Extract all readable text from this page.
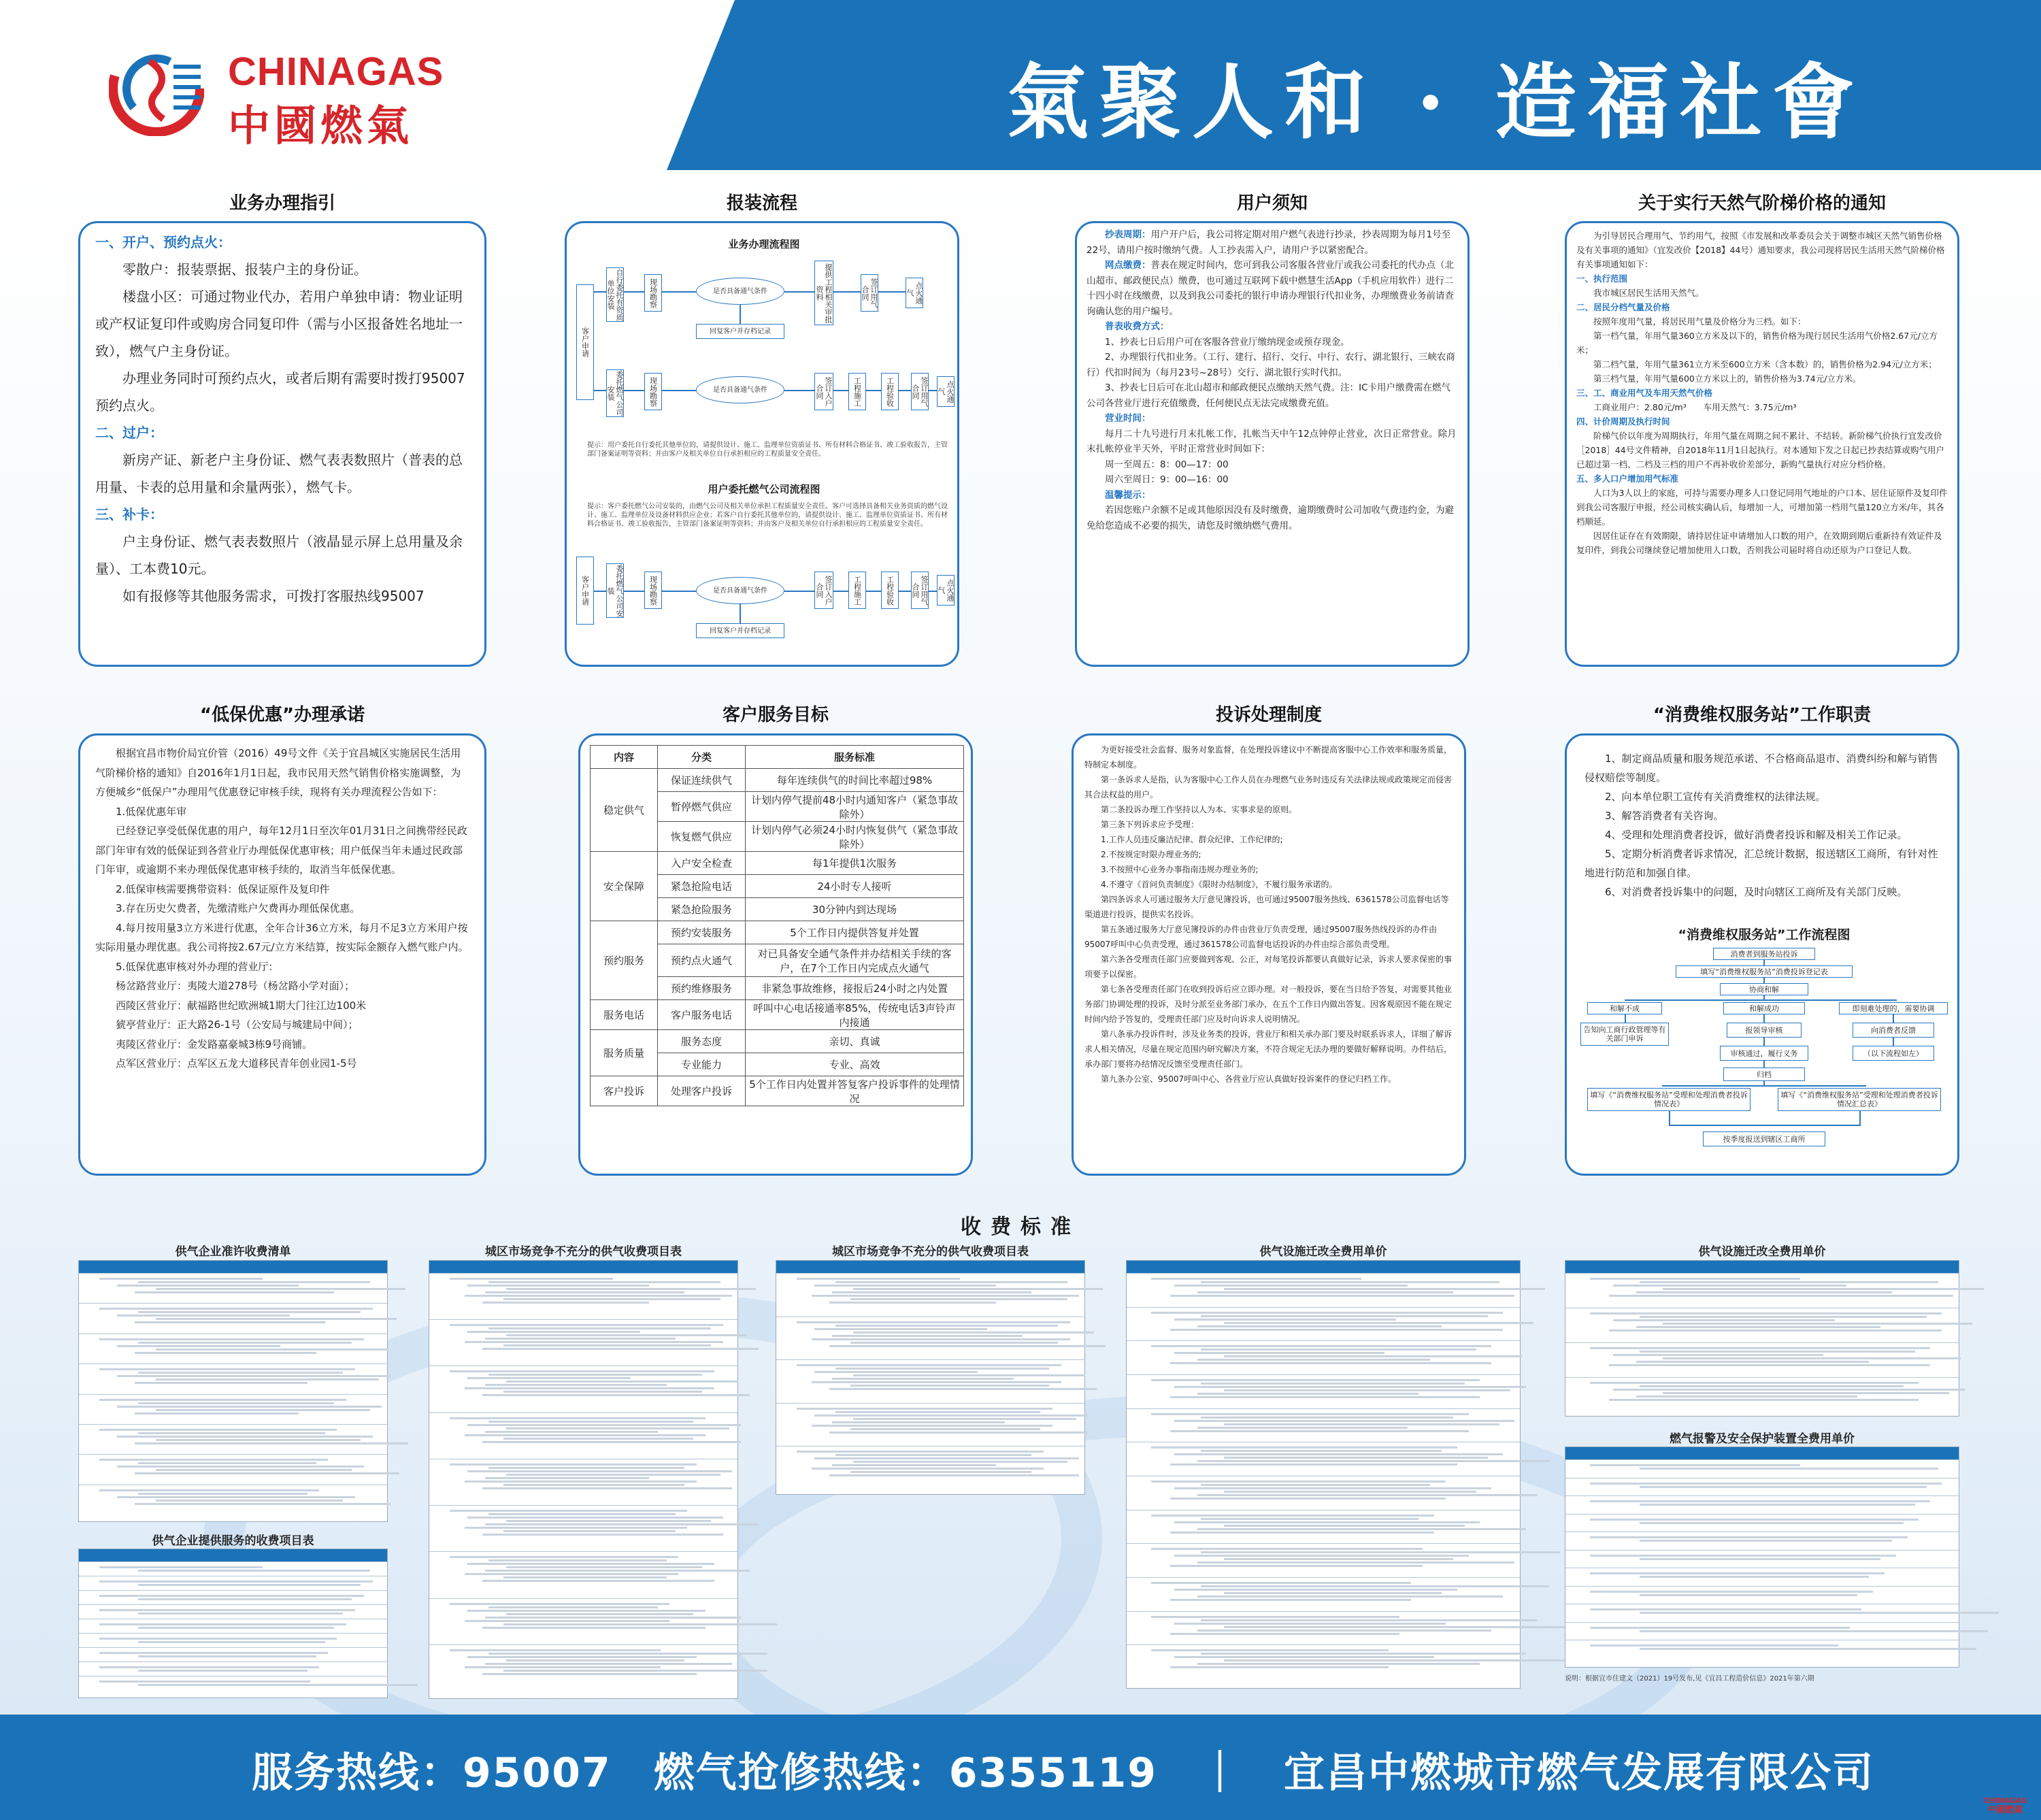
CHINAGAS
中國燃氣	氣聚人和 · 造福社會
业务办理指引

一、开户、预约点火：

零散户：报装票据、报装户主的身份证。

楼盘小区：可通过物业代办，若用户单独申请：物业证明或产权证复印件或购房合同复印件（需与小区报备姓名地址一致），燃气户主身份证。

办理业务同时可预约点火，或者后期有需要时拨打95007预约点火。

二、过户：

新房产证、新老户主身份证、燃气表表数照片（普表的总用量、卡表的总用量和余量两张），燃气卡。

三、补卡：

户主身份证、燃气表表数照片（液晶显示屏上总用量及余量）、工本费10元。

如有报修等其他服务需求，可拨打客服热线95007

报装流程
业务办理流程图
客户申请
自行委托有资质单位安装
委托燃气公司安装
现场勘察
现场勘察
是否具备通气条件
是否具备通气条件
回复客户并存档记录
提供工程相关审批资料
签订入户合同
签订用气合同
工程施工
点火通气
工程验收	签订用气合同	点火通气
提示：用户委托自行委托其他单位的，请提供设计、施工、监理单位资质证书、所有材料合格证书、竣工验收报告，主管部门备案证明等资料；并由客户及相关单位自行承担相应的工程质量安全责任。
用户委托燃气公司流程图
提示：客户委托燃气公司安装的，由燃气公司及相关单位承担工程质量安全责任。客户可选择具备相关业务资质的燃气设计、施工、监理单位及设备材料供应企业；若客户自行委托其他单位的，请提供设计、施工、监理单位资质证书、所有材料合格证书、竣工验收报告，主管部门备案证明等资料；并由客户及相关单位自行承担相应的工程质量安全责任。
客户申请	委托燃气公司安装	现场勘察	是否具备通气条件
回复客户并存档记录
签订入户合同	工程施工	工程验收	签订用气合同	点火通气
用户须知

抄表周期：用户开户后，我公司将定期对用户燃气表进行抄录，抄表周期为每月1号至22号，请用户按时缴纳气费。人工抄表需入户，请用户予以紧密配合。

网点缴费：普表在规定时间内，您可到我公司客服各营业厅或我公司委托的代办点（北山超市、邮政便民点）缴费，也可通过互联网下载中燃慧生活App（手机应用软件）进行二十四小时在线缴费，以及到我公司委托的银行申请办理银行代扣业务，办理缴费业务前请查询确认您的用户编号。

普表收费方式：

1、抄表七日后用户可在客服各营业厅缴纳现金或预存现金。

2、办理银行代扣业务。（工行、建行、招行、交行、中行、农行、湖北银行、三峡农商行）代扣时间为（每月23号~28号）交行、湖北银行实时代扣。

3、抄表七日后可在北山超市和邮政便民点缴纳天然气费。注：IC卡用户缴费需在燃气公司各营业厅进行充值缴费，任何便民点无法完成缴费充值。

营业时间：

每月二十九号进行月末扎帐工作，扎帐当天中午12点钟停止营业，次日正常营业。除月末扎帐停业半天外，平时正常营业时间如下：

周一至周五：8：00—17：00

周六至周日：9：00—16：00

温馨提示：

若因您账户余额不足或其他原因没有及时缴费，逾期缴费时公司加收气费违约金，为避免给您造成不必要的损失，请您及时缴纳燃气费用。

关于实行天然气阶梯价格的通知

为引导居民合理用气、节约用气，按照《市发展和改革委员会关于调整市城区天然气销售价格及有关事项的通知》（宜发改价【2018】44号）通知要求，我公司现将居民生活用天然气阶梯价格有关事项通知如下：

一、执行范围

我市城区居民生活用天然气。

二、居民分档气量及价格

按照年度用气量，将居民用气量及价格分为三档。如下：

第一档气量，年用气量360立方米及以下的，销售价格为现行居民生活用气价格2.67元/立方米；

第二档气量，年用气量361立方米至600立方米（含本数）的，销售价格为2.94元/立方米；

第三档气量，年用气量600立方米以上的，销售价格为3.74元/立方米。

三、工、商业用气及车用天然气价格

工商业用户：2.80元/m³　　车用天然气：3.75元/m³

四、计价周期及执行时间

阶梯气价以年度为周期执行，年用气量在周期之间不累计、不结转。新阶梯气价执行宜发改价［2018］44号文件精神，自2018年11月1日起执行。对本通知下发之日起已抄表结算或购气用户已超过第一档、二档及三档的用户不再补收价差部分，新购气量执行对应分档价格。

五、多人口户增加用气标准

人口为3人以上的家庭，可持与需要办理多人口登记同用气地址的户口本、居住证原件及复印件到我公司客服厅申报，经公司核实确认后，每增加一人，可增加第一档用气量120立方米/年，其各档顺延。

因居住证存在有效期限，请持居住证申请增加人口数的用户，在效期到期后重新持有效证件及复印件，到我公司继续登记增加使用人口数，否则我公司届时将自动还原为户口登记人数。

“低保优惠”办理承诺

根据宜昌市物价局宜价管（2016）49号文件《关于宜昌城区实施居民生活用气阶梯价格的通知》自2016年1月1日起，我市民用天然气销售价格实施调整，为方便城乡“低保户”办理用气优惠登记审核手续，现将有关办理流程公告如下：

1.低保优惠年审

已经登记享受低保优惠的用户，每年12月1日至次年01月31日之间携带经民政部门年审有效的低保证到各营业厅办理低保优惠审核；用户低保当年未通过民政部门年审，或逾期不来办理低保优惠审核手续的，取消当年低保优惠。

2.低保审核需要携带资料：低保证原件及复印件

3.存在历史欠费者，先缴清账户欠费再办理低保优惠。

4.每月按用量3立方米进行优惠，全年合计36立方米，每月不足3立方米用户按实际用量办理优惠。我公司将按2.67元/立方米结算，按实际金额存入燃气账户内。

5.低保优惠审核对外办理的营业厅：

杨岔路营业厅：夷陵大道278号（杨岔路小学对面）；

西陵区营业厅：献福路世纪欧洲城1期大门往江边100米

猇亭营业厅：正大路26-1号（公安局与城建局中间）；

夷陵区营业厅：金发路嘉豪城3栋9号商铺。

点军区营业厅：点军区五龙大道移民青年创业园1-5号

客户服务目标
内容	分类	服务标准
稳定供气	保证连续供气	每年连续供气的时间比率超过98%
	暂停燃气供应	计划内停气提前48小时内通知客户（紧急事故除外）
	恢复燃气供应	计划内停气必须24小时内恢复供气（紧急事故除外）
安全保障	入户安全检查	每1年提供1次服务
	紧急抢险电话	24小时专人接听
	紧急抢险服务	30分钟内到达现场
预约服务	预约安装服务	5个工作日内提供答复并处置
	预约点火通气	对已具备安全通气条件并办结相关手续的客户，在7个工作日内完成点火通气
	预约维修服务	非紧急事故维修，接报后24小时之内处置
服务电话	客户服务电话	呼叫中心电话接通率85%，传统电话3声铃声内接通
服务质量	服务态度	亲切、真诚
	专业能力	专业、高效
客户投诉	处理客户投诉	5个工作日内处置并答复客户投诉事件的处理情况
投诉处理制度

为更好接受社会监督、服务对象监督，在处理投诉建议中不断提高客服中心工作效率和服务质量，特制定本制度。

第一条诉求人是指，认为客服中心工作人员在办理燃气业务时违反有关法律法规或政策规定而侵害其合法权益的用户。

第二条投诉办理工作坚持以人为本、实事求是的原则。

第三条下列诉求应予受理：

1.工作人员违反廉洁纪律、群众纪律、工作纪律的;

2.不按规定时限办理业务的;

3.不按照中心业务办事指南违规办理业务的;

4.不遵守《首问负责制度》《限时办结制度》，不履行服务承诺的。

第四条诉求人可通过服务大厅意见簿投诉，也可通过95007服务热线、6361578公司监督电话等渠道进行投诉，提供实名投诉。

第五条通过服务大厅意见簿投诉的办件由营业厅负责受理，通过95007服务热线投诉的办件由95007呼叫中心负责受理，通过361578公司监督电话投诉的办件由综合部负责受理。

第六条各受理责任部门应要做到客观、公正，对每笔投诉都要认真做好记录，诉求人要求保密的事项要予以保密。

第七条各受理责任部门在收到投诉后应立即办理。对一般投诉，要在当日给予答复，对需要其他业务部门协调处理的投诉，及时分派至业务部门承办，在五个工作日内做出答复。因客观原因不能在规定时间内给予答复的，受理责任部门应及时向诉求人说明情况。

第八条承办投诉件时，涉及业务类的投诉，营业厅和相关承办部门要及时联系诉求人，详细了解诉求人相关情况，尽量在规定范围内研究解决方案，不符合规定无法办理的要做好解释说明。办件结后，承办部门要将办结情况反馈至受理责任部门。

第九条办公室、95007呼叫中心、各营业厅应认真做好投诉案件的登记归档工作。

“消费维权服务站”工作职责

1、制定商品质量和服务规范承诺、不合格商品退市、消费纠纷和解与销售侵权赔偿等制度。

2、向本单位职工宣传有关消费维权的法律法规。

3、解答消费者有关咨询。

4、受理和处理消费者投诉，做好消费者投诉和解及相关工作记录。

5、定期分析消费者诉求情况，汇总统计数据，报送辖区工商所，有针对性地进行防范和加强自律。

6、对消费者投诉集中的问题，及时向辖区工商所及有关部门反映。

“消费维权服务站”工作流程图
消费者到服务站投诉
填写“消费维权服务站”消费投诉登记表
协商和解
和解不成	和解成功	即刻难处理的，需要协调
告知向工商行政管理等有关部门申诉
报领导审核	向消费者反馈
审核通过，履行义务	（以下流程如左）
归档
填写《“消费维权服务站”受理和处理消费者投诉情况表》
填写《“消费维权服务站”受理和处理消费者投诉情况汇总表》
按季度报送到辖区工商所
收费标准
供气企业准许收费清单
供气企业提供服务的收费项目表
城区市场竞争不充分的供气收费项目表	城区市场竞争不充分的供气收费项目表	供气设施迁改全费用单价	供气设施迁改全费用单价
燃气报警及安全保护装置全费用单价
说明：根据宜市住建文（2021）19号发布,见《宜昌工程造价信息》2021年第六期
服务热线：95007　燃气抢修热线：6355119　｜　宜昌中燃城市燃气发展有限公司
CHINAGAS
中國燃氣
